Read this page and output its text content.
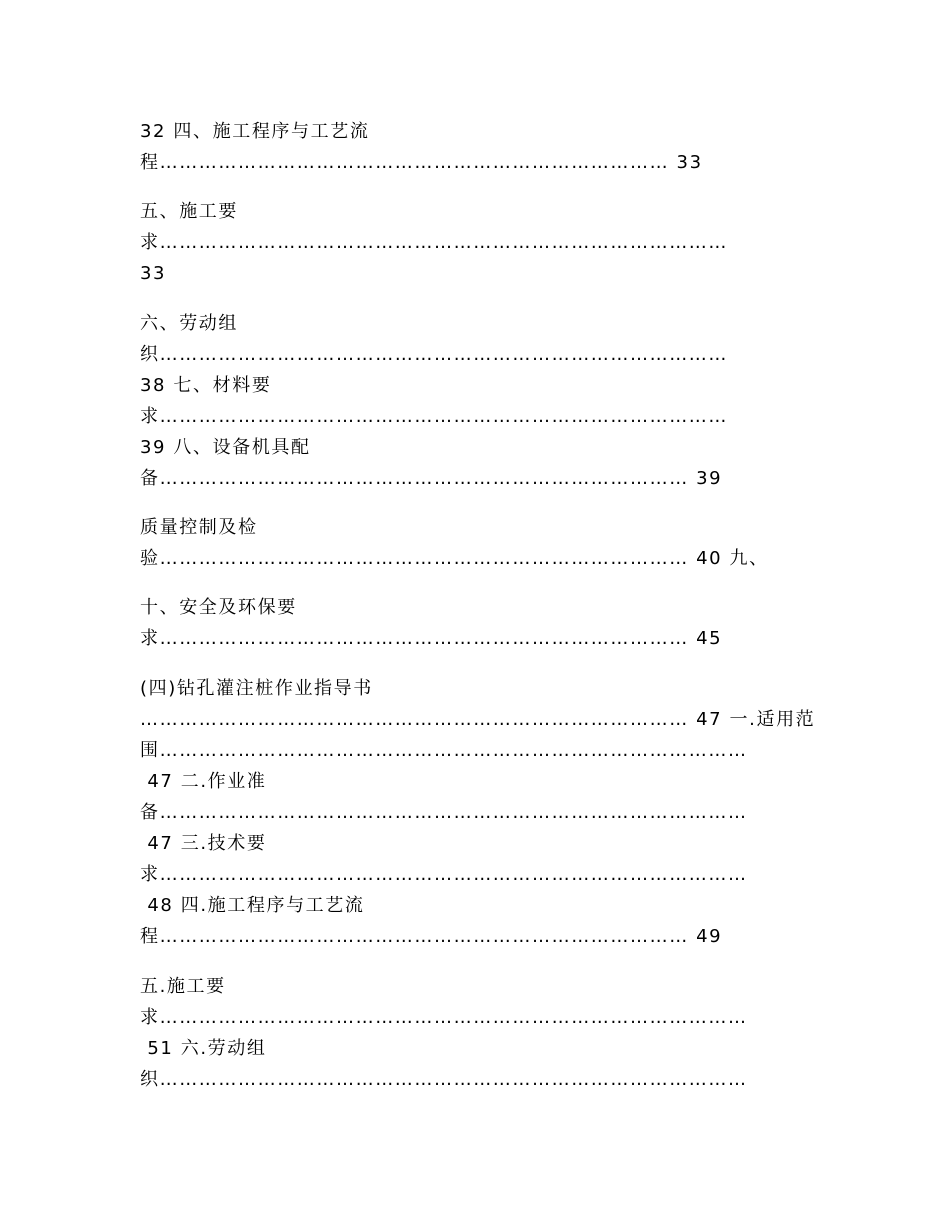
32 四、施工程序与工艺流

程…………………………………………………………………… 33

五、施工要

求……………………………………………………………………………

33

六、劳动组

织……………………………………………………………………………

38 七、材料要

求……………………………………………………………………………

39 八、设备机具配

备……………………………………………………………………… 39

质量控制及检

验……………………………………………………………………… 40 九、

十、安全及环保要

求……………………………………………………………………… 45

(四)钻孔灌注桩作业指导书

………………………………………………………………………… 47 一.适用范

围………………………………………………………………………………

47 二.作业准

备………………………………………………………………………………

47 三.技术要

求………………………………………………………………………………

48 四.施工程序与工艺流

程……………………………………………………………………… 49

五.施工要

求………………………………………………………………………………

51 六.劳动组

织………………………………………………………………………………
